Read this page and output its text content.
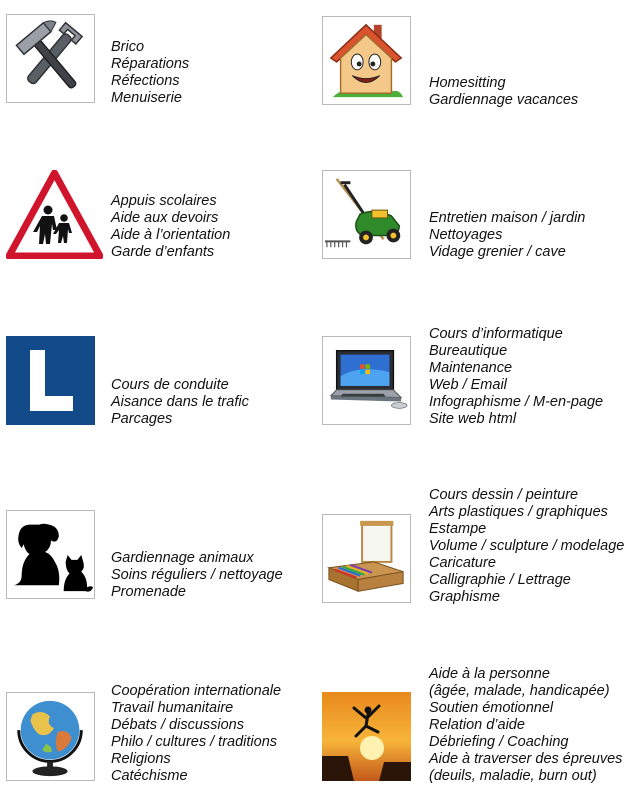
Brico
Réparations
Réfections
Menuiserie
Appuis scolaires
Aide aux devoirs
Aide à l’orientation
Garde d’enfants
Cours de conduite
Aisance dans le trafic
Parcages
Gardiennage animaux
Soins réguliers / nettoyage
Promenade
Coopération internationale
Travail humanitaire
Débats / discussions
Philo / cultures / traditions
Religions
Catéchisme
Homesitting
Gardiennage vacances
Entretien maison / jardin
Nettoyages
Vidage grenier / cave
Cours d’informatique
Bureautique
Maintenance
Web / Email
Infographisme / M-en-page
Site web html
Cours dessin / peinture
Arts plastiques / graphiques
Estampe
Volume / sculpture / modelage
Caricature
Calligraphie / Lettrage
Graphisme
Aide à la personne
(âgée, malade, handicapée)
Soutien émotionnel
Relation d’aide
Débriefing / Coaching
Aide à traverser des épreuves
(deuils, maladie, burn out)
